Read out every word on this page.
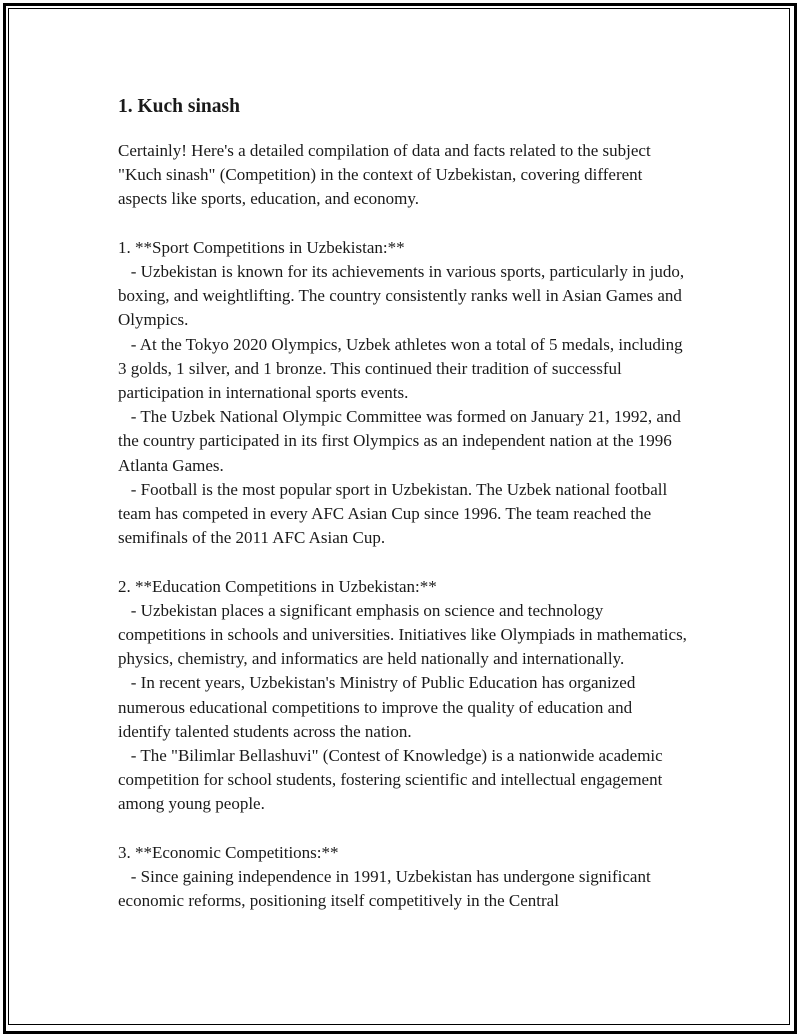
1. Kuch sinash

Certainly! Here's a detailed compilation of data and facts related to the subject "Kuch sinash" (Competition) in the context of Uzbekistan, covering different aspects like sports, education, and economy.

1. **Sport Competitions in Uzbekistan:**

- Uzbekistan is known for its achievements in various sports, particularly in judo, boxing, and weightlifting. The country consistently ranks well in Asian Games and Olympics.

- At the Tokyo 2020 Olympics, Uzbek athletes won a total of 5 medals, including 3 golds, 1 silver, and 1 bronze. This continued their tradition of successful participation in international sports events.

- The Uzbek National Olympic Committee was formed on January 21, 1992, and the country participated in its first Olympics as an independent nation at the 1996 Atlanta Games.

- Football is the most popular sport in Uzbekistan. The Uzbek national football team has competed in every AFC Asian Cup since 1996. The team reached the semifinals of the 2011 AFC Asian Cup.

2. **Education Competitions in Uzbekistan:**

- Uzbekistan places a significant emphasis on science and technology competitions in schools and universities. Initiatives like Olympiads in mathematics, physics, chemistry, and informatics are held nationally and internationally.

- In recent years, Uzbekistan's Ministry of Public Education has organized numerous educational competitions to improve the quality of education and identify talented students across the nation.

- The "Bilimlar Bellashuvi" (Contest of Knowledge) is a nationwide academic competition for school students, fostering scientific and intellectual engagement among young people.

3. **Economic Competitions:**

- Since gaining independence in 1991, Uzbekistan has undergone significant economic reforms, positioning itself competitively in the Central
